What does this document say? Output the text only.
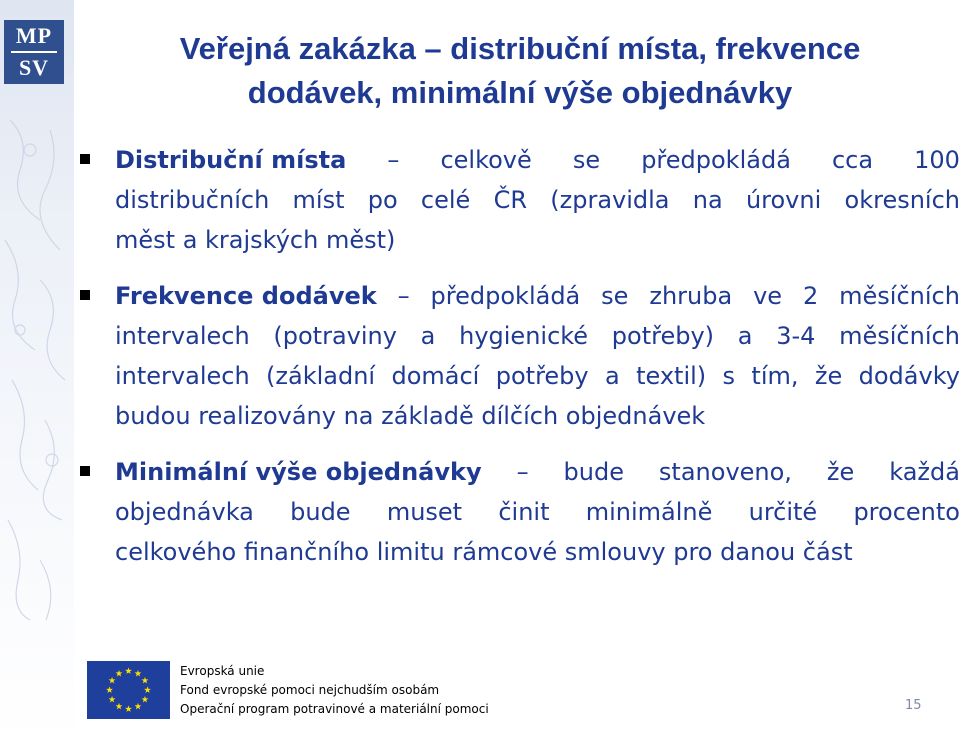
MP
SV
Veřejná zakázka – distribuční místa, frekvence
dodávek, minimální výše objednávky
Distribuční místa – celkově se předpokládá cca 100
distribučních míst po celé ČR (zpravidla na úrovni okresních
měst a krajských měst)
Frekvence dodávek – předpokládá se zhruba ve 2 měsíčních
intervalech (potraviny a hygienické potřeby) a 3-4 měsíčních
intervalech (základní domácí potřeby a textil) s tím, že dodávky
budou realizovány na základě dílčích objednávek
Minimální výše objednávky – bude stanoveno, že každá
objednávka bude muset činit minimálně určité procento
celkového finančního limitu rámcové smlouvy pro danou část
Evropská unie
Fond evropské pomoci nejchudším osobám
Operační program potravinové a materiální pomoci	15
